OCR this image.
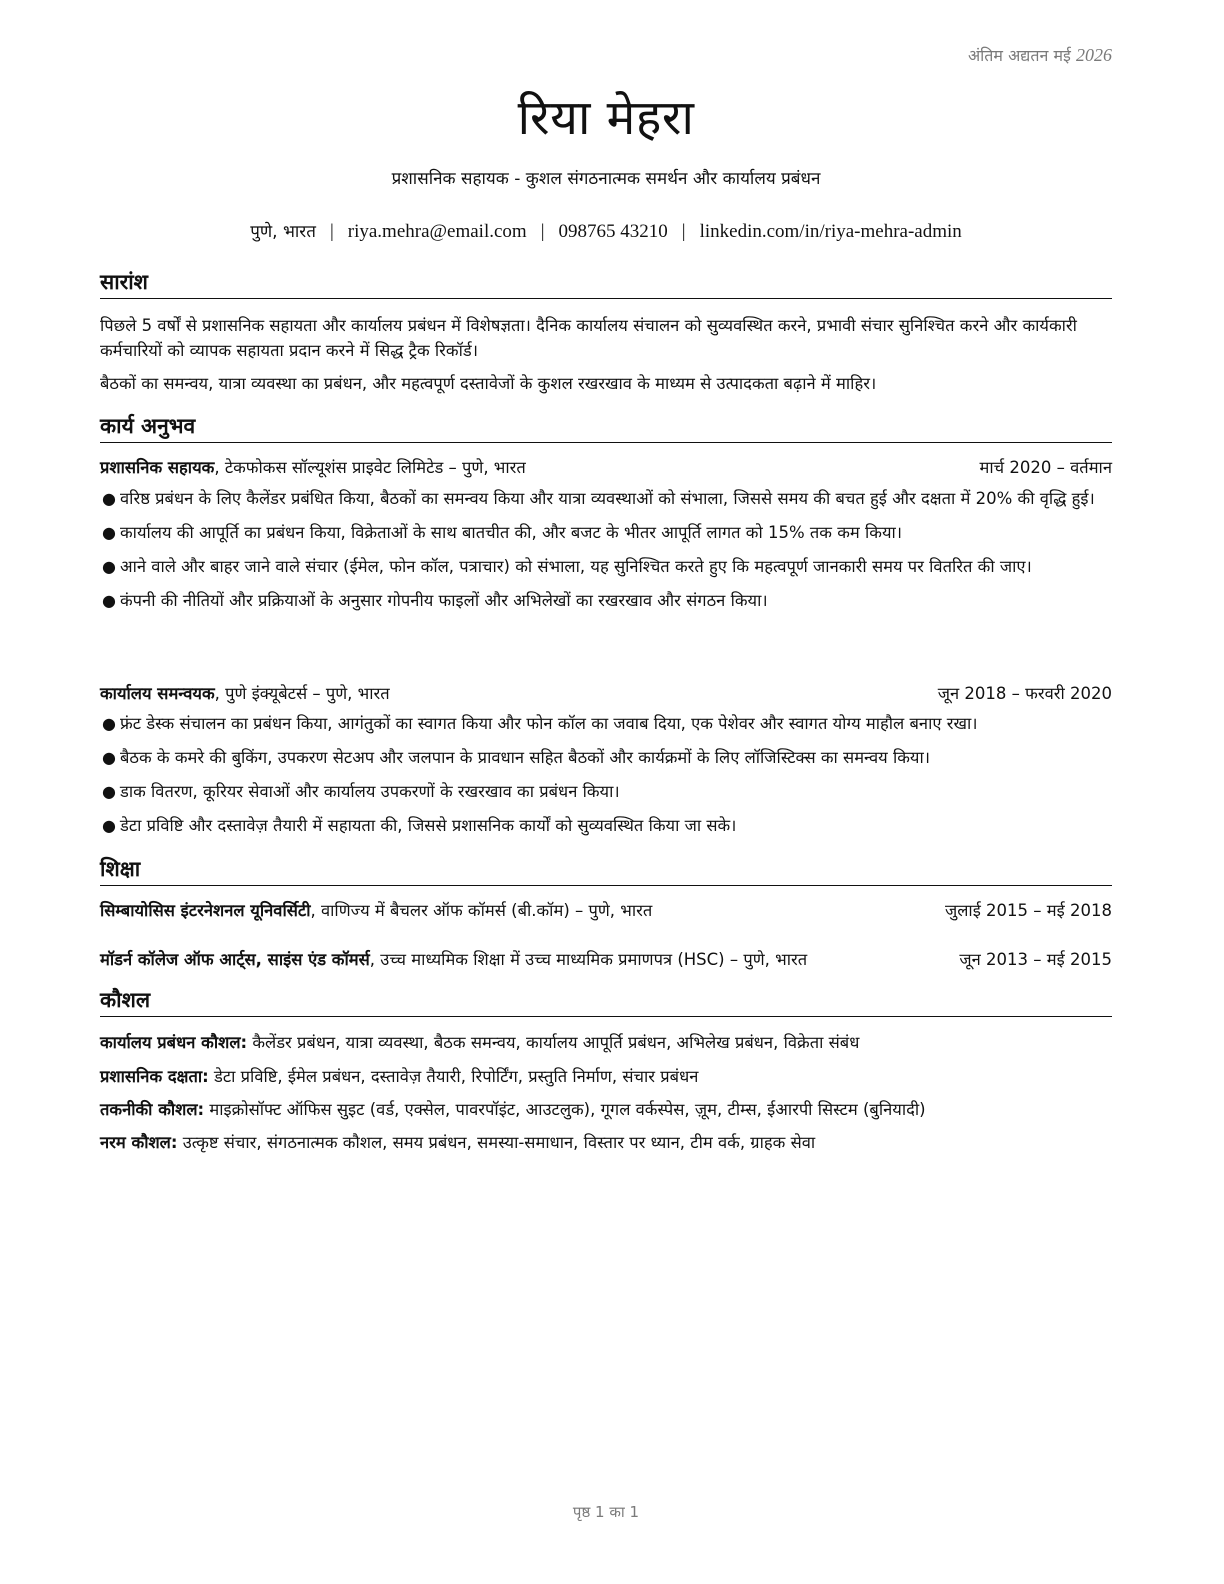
अंतिम अद्यतन मई 2026
रिया मेहरा
प्रशासनिक सहायक - कुशल संगठनात्मक समर्थन और कार्यालय प्रबंधन
पुणे, भारत | riya.mehra@email.com | 098765 43210 | linkedin.com/in/riya-mehra-admin
सारांश
पिछले 5 वर्षों से प्रशासनिक सहायता और कार्यालय प्रबंधन में विशेषज्ञता। दैनिक कार्यालय संचालन को सुव्यवस्थित करने, प्रभावी संचार सुनिश्चित करने और कार्यकारी कर्मचारियों को व्यापक सहायता प्रदान करने में सिद्ध ट्रैक रिकॉर्ड।
बैठकों का समन्वय, यात्रा व्यवस्था का प्रबंधन, और महत्वपूर्ण दस्तावेजों के कुशल रखरखाव के माध्यम से उत्पादकता बढ़ाने में माहिर।
कार्य अनुभव
प्रशासनिक सहायक, टेकफोकस सॉल्यूशंस प्राइवेट लिमिटेड – पुणे, भारत	मार्च 2020 – वर्तमान
● वरिष्ठ प्रबंधन के लिए कैलेंडर प्रबंधित किया, बैठकों का समन्वय किया और यात्रा व्यवस्थाओं को संभाला, जिससे समय की बचत हुई और दक्षता में 20% की वृद्धि हुई।
● कार्यालय की आपूर्ति का प्रबंधन किया, विक्रेताओं के साथ बातचीत की, और बजट के भीतर आपूर्ति लागत को 15% तक कम किया।
● आने वाले और बाहर जाने वाले संचार (ईमेल, फोन कॉल, पत्राचार) को संभाला, यह सुनिश्चित करते हुए कि महत्वपूर्ण जानकारी समय पर वितरित की जाए।
● कंपनी की नीतियों और प्रक्रियाओं के अनुसार गोपनीय फाइलों और अभिलेखों का रखरखाव और संगठन किया।
कार्यालय समन्वयक, पुणे इंक्यूबेटर्स – पुणे, भारत	जून 2018 – फरवरी 2020
● फ्रंट डेस्क संचालन का प्रबंधन किया, आगंतुकों का स्वागत किया और फोन कॉल का जवाब दिया, एक पेशेवर और स्वागत योग्य माहौल बनाए रखा।
● बैठक के कमरे की बुकिंग, उपकरण सेटअप और जलपान के प्रावधान सहित बैठकों और कार्यक्रमों के लिए लॉजिस्टिक्स का समन्वय किया।
● डाक वितरण, कूरियर सेवाओं और कार्यालय उपकरणों के रखरखाव का प्रबंधन किया।
● डेटा प्रविष्टि और दस्तावेज़ तैयारी में सहायता की, जिससे प्रशासनिक कार्यों को सुव्यवस्थित किया जा सके।
शिक्षा
सिम्बायोसिस इंटरनेशनल यूनिवर्सिटी, वाणिज्य में बैचलर ऑफ कॉमर्स (बी.कॉम) – पुणे, भारत	जुलाई 2015 – मई 2018
मॉडर्न कॉलेज ऑफ आर्ट्स, साइंस एंड कॉमर्स, उच्च माध्यमिक शिक्षा में उच्च माध्यमिक प्रमाणपत्र (HSC) – पुणे, भारत	जून 2013 – मई 2015
कौशल
कार्यालय प्रबंधन कौशल: कैलेंडर प्रबंधन, यात्रा व्यवस्था, बैठक समन्वय, कार्यालय आपूर्ति प्रबंधन, अभिलेख प्रबंधन, विक्रेता संबंध
प्रशासनिक दक्षता: डेटा प्रविष्टि, ईमेल प्रबंधन, दस्तावेज़ तैयारी, रिपोर्टिंग, प्रस्तुति निर्माण, संचार प्रबंधन
तकनीकी कौशल: माइक्रोसॉफ्ट ऑफिस सुइट (वर्ड, एक्सेल, पावरपॉइंट, आउटलुक), गूगल वर्कस्पेस, ज़ूम, टीम्स, ईआरपी सिस्टम (बुनियादी)
नरम कौशल: उत्कृष्ट संचार, संगठनात्मक कौशल, समय प्रबंधन, समस्या-समाधान, विस्तार पर ध्यान, टीम वर्क, ग्राहक सेवा
पृष्ठ 1 का 1
